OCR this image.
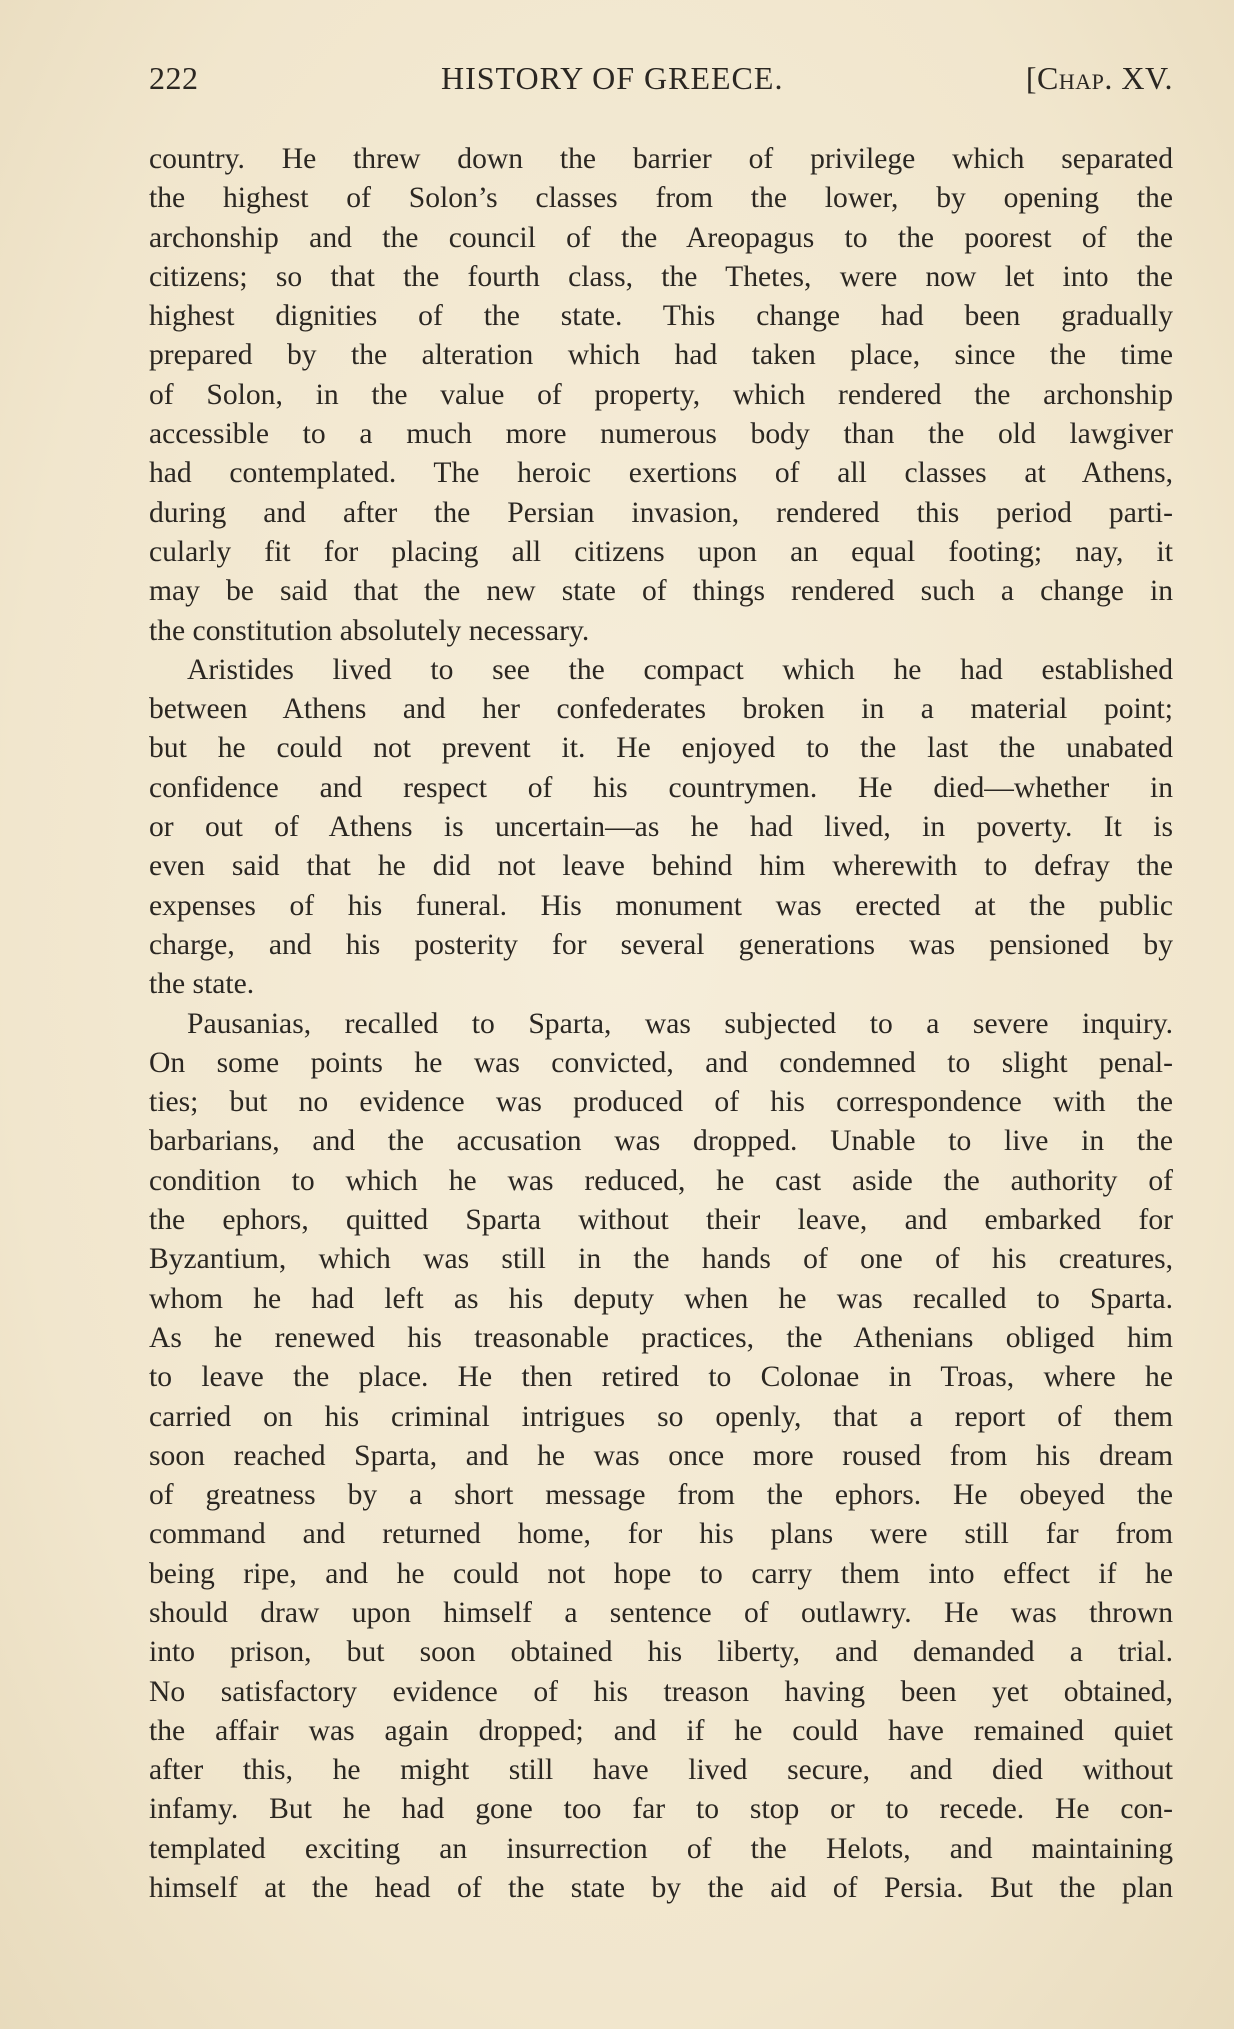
222	HISTORY OF GREECE.	[Chap. XV.
country. He threw down the barrier of privilege which separated
the highest of Solon’s classes from the lower, by opening the
archonship and the council of the Areopagus to the poorest of the
citizens; so that the fourth class, the Thetes, were now let into the
highest dignities of the state. This change had been gradually
prepared by the alteration which had taken place, since the time
of Solon, in the value of property, which rendered the archonship
accessible to a much more numerous body than the old lawgiver
had contemplated. The heroic exertions of all classes at Athens,
during and after the Persian invasion, rendered this period parti-
cularly fit for placing all citizens upon an equal footing; nay, it
may be said that the new state of things rendered such a change in
the constitution absolutely necessary.
Aristides lived to see the compact which he had established
between Athens and her confederates broken in a material point;
but he could not prevent it. He enjoyed to the last the unabated
confidence and respect of his countrymen. He died—whether in
or out of Athens is uncertain—as he had lived, in poverty. It is
even said that he did not leave behind him wherewith to defray the
expenses of his funeral. His monument was erected at the public
charge, and his posterity for several generations was pensioned by
the state.
Pausanias, recalled to Sparta, was subjected to a severe inquiry.
On some points he was convicted, and condemned to slight penal-
ties; but no evidence was produced of his correspondence with the
barbarians, and the accusation was dropped. Unable to live in the
condition to which he was reduced, he cast aside the authority of
the ephors, quitted Sparta without their leave, and embarked for
Byzantium, which was still in the hands of one of his creatures,
whom he had left as his deputy when he was recalled to Sparta.
As he renewed his treasonable practices, the Athenians obliged him
to leave the place. He then retired to Colonae in Troas, where he
carried on his criminal intrigues so openly, that a report of them
soon reached Sparta, and he was once more roused from his dream
of greatness by a short message from the ephors. He obeyed the
command and returned home, for his plans were still far from
being ripe, and he could not hope to carry them into effect if he
should draw upon himself a sentence of outlawry. He was thrown
into prison, but soon obtained his liberty, and demanded a trial.
No satisfactory evidence of his treason having been yet obtained,
the affair was again dropped; and if he could have remained quiet
after this, he might still have lived secure, and died without
infamy. But he had gone too far to stop or to recede. He con-
templated exciting an insurrection of the Helots, and maintaining
himself at the head of the state by the aid of Persia. But the plan
